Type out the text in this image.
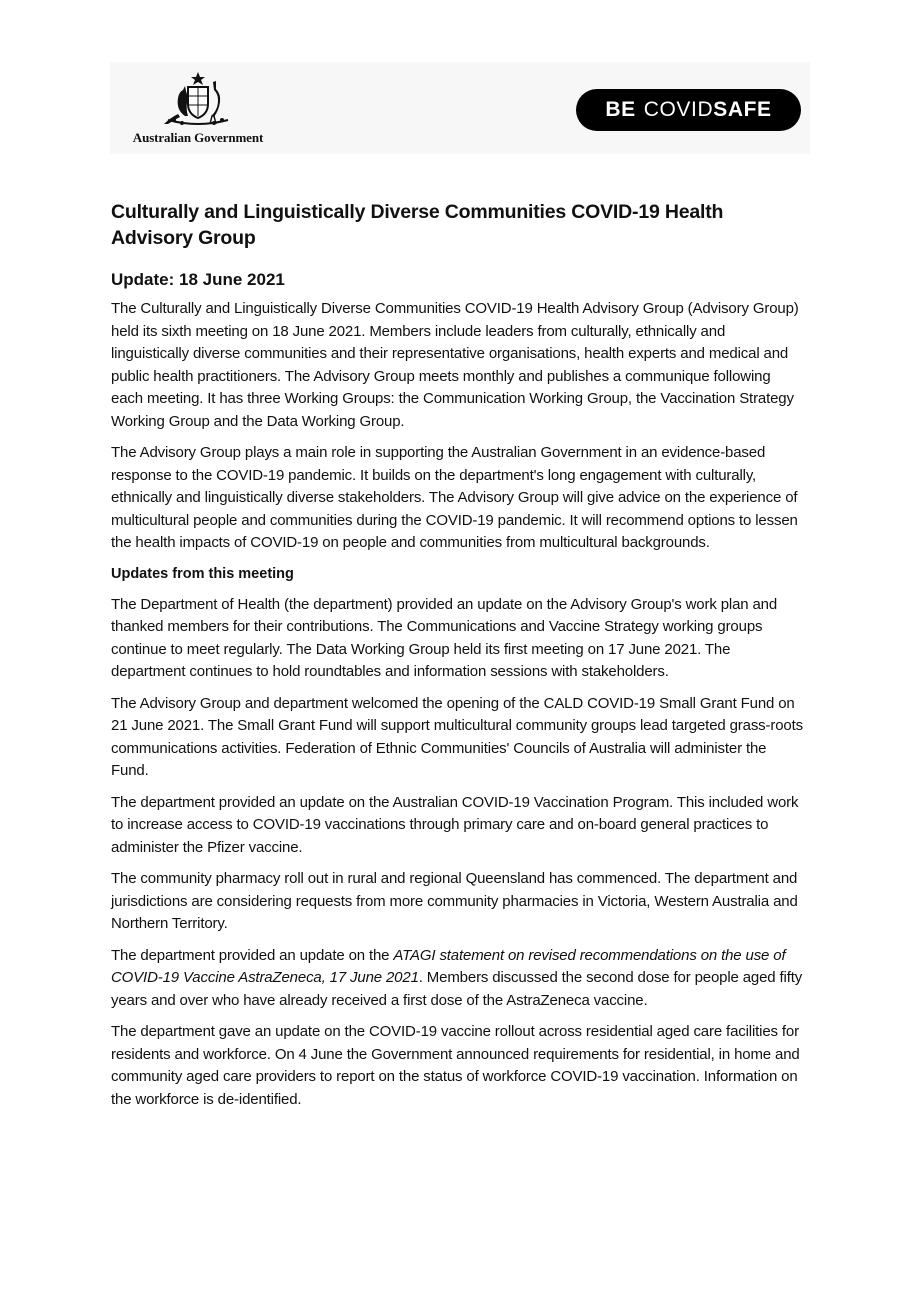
Australian Government
BE COVID SAFE
Culturally and Linguistically Diverse Communities COVID-19 Health Advisory Group
Update: 18 June 2021

The Culturally and Linguistically Diverse Communities COVID-19 Health Advisory Group (Advisory Group) held its sixth meeting on 18 June 2021. Members include leaders from culturally, ethnically and linguistically diverse communities and their representative organisations, health experts and medical and public health practitioners. The Advisory Group meets monthly and publishes a communique following each meeting. It has three Working Groups: the Communication Working Group, the Vaccination Strategy Working Group and the Data Working Group.

The Advisory Group plays a main role in supporting the Australian Government in an evidence-based response to the COVID-19 pandemic. It builds on the department's long engagement with culturally, ethnically and linguistically diverse stakeholders. The Advisory Group will give advice on the experience of multicultural people and communities during the COVID-19 pandemic. It will recommend options to lessen the health impacts of COVID-19 on people and communities from multicultural backgrounds.

Updates from this meeting

The Department of Health (the department) provided an update on the Advisory Group's work plan and thanked members for their contributions. The Communications and Vaccine Strategy working groups continue to meet regularly. The Data Working Group held its first meeting on 17 June 2021. The department continues to hold roundtables and information sessions with stakeholders.

The Advisory Group and department welcomed the opening of the CALD COVID-19 Small Grant Fund on 21 June 2021. The Small Grant Fund will support multicultural community groups lead targeted grass-roots communications activities. Federation of Ethnic Communities' Councils of Australia will administer the Fund.

The department provided an update on the Australian COVID-19 Vaccination Program. This included work to increase access to COVID-19 vaccinations through primary care and on-board general practices to administer the Pfizer vaccine.

The community pharmacy roll out in rural and regional Queensland has commenced. The department and jurisdictions are considering requests from more community pharmacies in Victoria, Western Australia and Northern Territory.

The department provided an update on the ATAGI statement on revised recommendations on the use of COVID-19 Vaccine AstraZeneca, 17 June 2021. Members discussed the second dose for people aged fifty years and over who have already received a first dose of the AstraZeneca vaccine.

The department gave an update on the COVID-19 vaccine rollout across residential aged care facilities for residents and workforce. On 4 June the Government announced requirements for residential, in home and community aged care providers to report on the status of workforce COVID-19 vaccination. Information on the workforce is de-identified.
